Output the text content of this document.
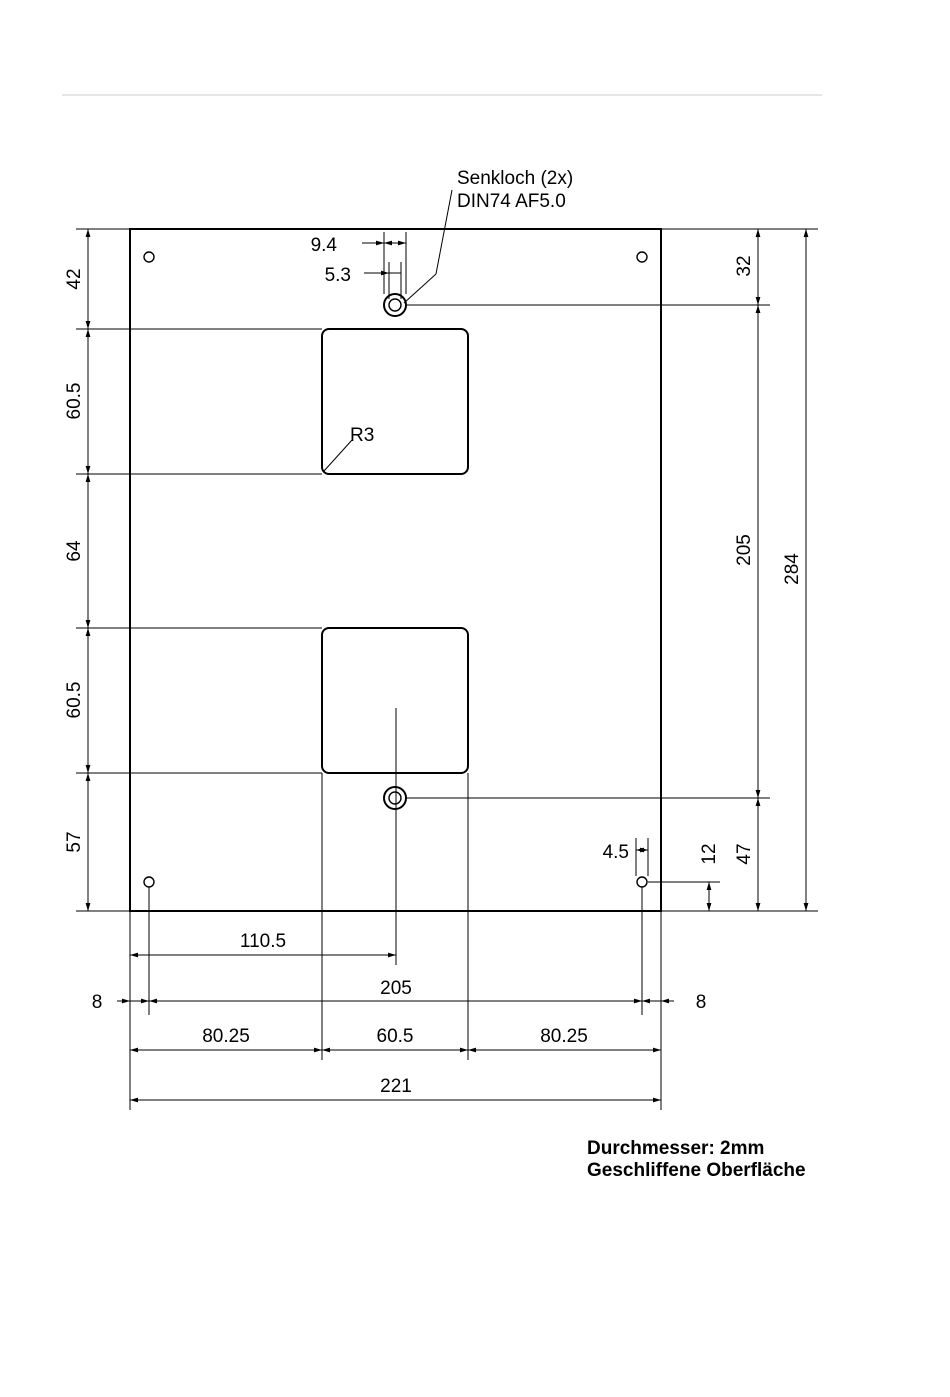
Senkloch (2x)
DIN74 AF5.0
R3
42
60.5
64
60.5
57
32
205
284
47
12
9.4
5.3
4.5
110.5
205
8	8
80.25	60.5	80.25
221
Durchmesser: 2mm
Geschliffene Oberfläche
